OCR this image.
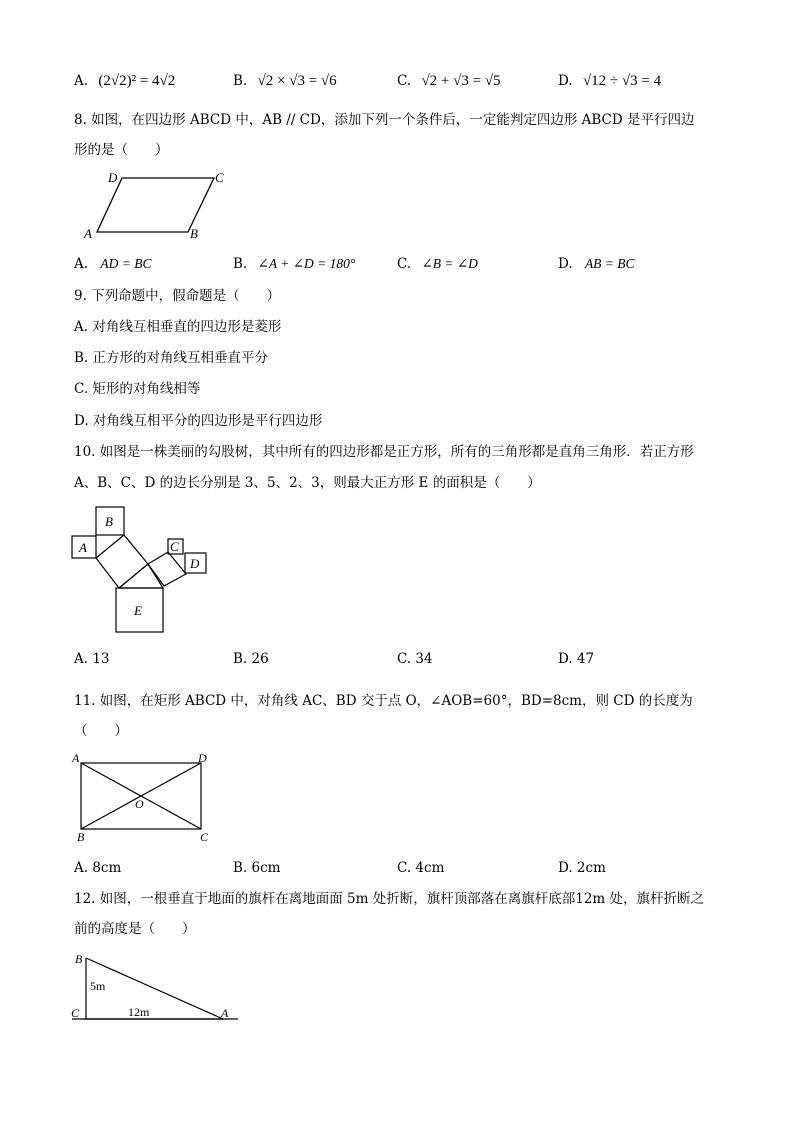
A. (2√2)² = 4√2	B. √2 × √3 = √6	C. √2 + √3 = √5	D. √12 ÷ √3 = 4
8. 如图，在四边形 ABCD 中，AB // CD，添加下列一个条件后，一定能判定四边形 ABCD 是平行四边
形的是（　　）
A	B
C
D
A. AD = BC	B. ∠A + ∠D = 180°	C. ∠B = ∠D	D. AB = BC
9. 下列命题中，假命题是（　　）
A. 对角线互相垂直的四边形是菱形
B. 正方形的对角线互相垂直平分
C. 矩形的对角线相等
D. 对角线互相平分的四边形是平行四边形
10. 如图是一株美丽的勾股树，其中所有的四边形都是正方形，所有的三角形都是直角三角形．若正方形
A、B、C、D 的边长分别是 3、5、2、3，则最大正方形 E 的面积是（　　）
B
A	C
D
E
A. 13	B. 26	C. 34	D. 47
11. 如图，在矩形 ABCD 中，对角线 AC、BD 交于点 O，∠AOB=60°，BD=8cm，则 CD 的长度为
（　　）
A	D
B	C
O
A. 8cm	B. 6cm	C. 4cm	D. 2cm
12. 如图，一根垂直于地面的旗杆在离地面面 5m 处折断，旗杆顶部落在离旗杆底部12m 处，旗杆折断之
前的高度是（　　）
B
C	A
5m
12m
